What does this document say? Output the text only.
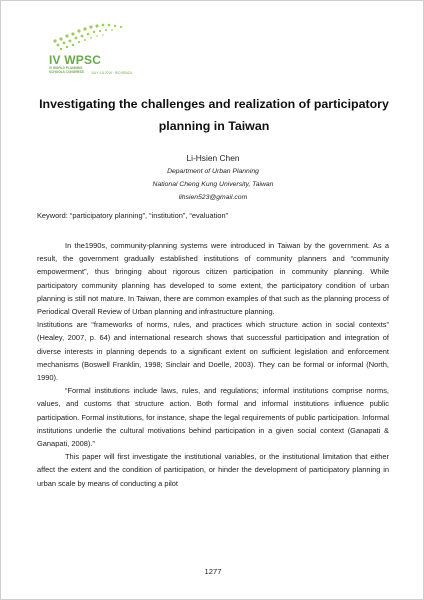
IV WPSC
IV WORLD PLANNING SCHOOLS CONGRESS	JULY 4-8 2016 · RIO BRAZIL
Investigating the challenges and realization of participatory planning in Taiwan
Li-Hsien Chen
Department of Urban Planning
National Cheng Kung University, Taiwan
lihsien523@gmail.com
Keyword: “participatory planning”, “institution”, “evaluation”

In the1990s, community-planning systems were introduced in Taiwan by the government. As a result, the government gradually established institutions of community planners and “community empowerment”, thus bringing about rigorous citizen participation in community planning. While participatory community planning has developed to some extent, the participatory condition of urban planning is still not mature. In Taiwan, there are common examples of that such as the planning process of Periodical Overall Review of Urban planning and infrastructure planning.

Institutions are “frameworks of norms, rules, and practices which structure action in social contexts” (Healey, 2007, p. 64) and international research shows that successful participation and integration of diverse interests in planning depends to a significant extent on sufficient legislation and enforcement mechanisms (Boswell Franklin, 1998; Sinclair and Doelle, 2003). They can be formal or informal (North, 1990).

“Formal institutions include laws, rules, and regulations; informal institutions comprise norms, values, and customs that structure action. Both formal and informal institutions influence public participation. Formal institutions, for instance, shape the legal requirements of public participation. Informal institutions underlie the cultural motivations behind participation in a given social context (Ganapati & Ganapati, 2008).”

This paper will first investigate the institutional variables, or the institutional limitation that either affect the extent and the condition of participation, or hinder the development of participatory planning in urban scale by means of conducting a pilot

1277
